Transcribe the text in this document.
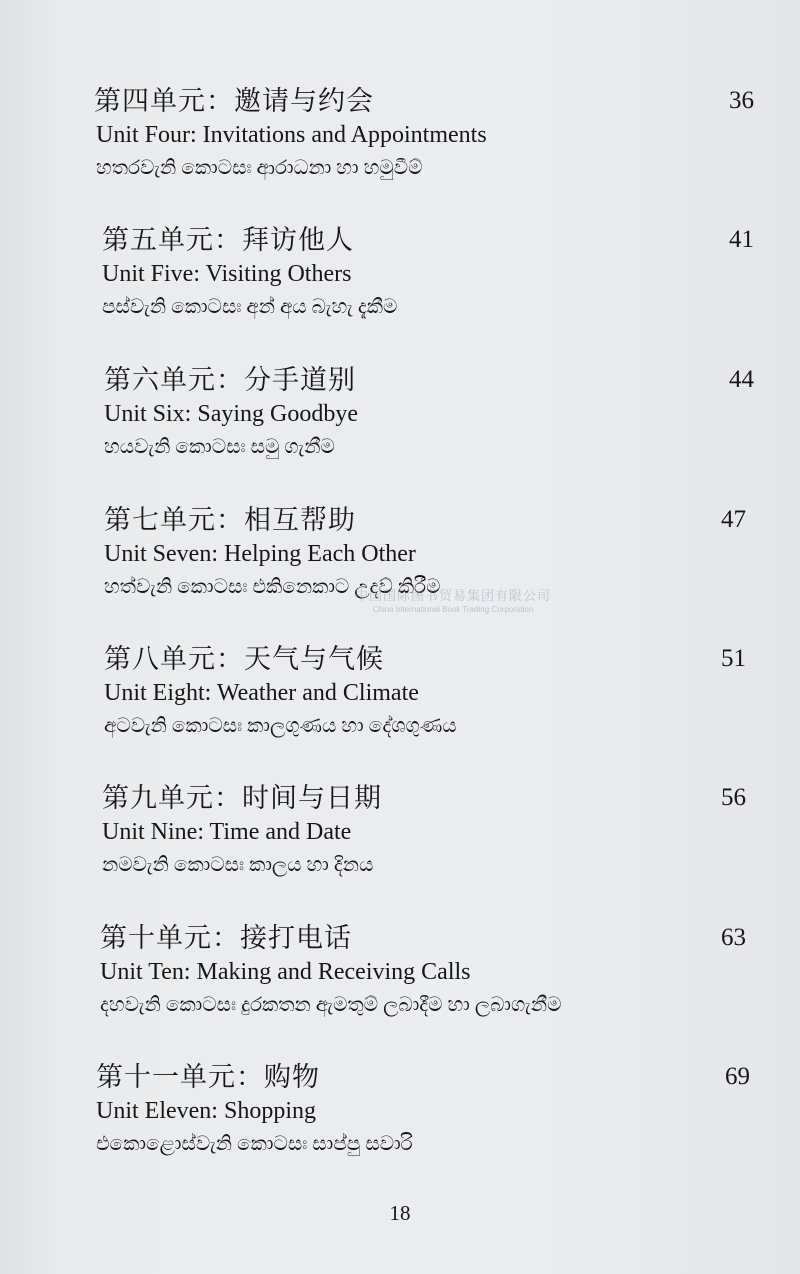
第四单元：邀请与约会	36
Unit Four: Invitations and Appointments
හතරවැනි කොටසඃ ආරාධනා හා හමුවීම්
第五单元：拜访他人	41
Unit Five: Visiting Others
පස්වැනි කොටසඃ අන් අය බැහැ දැකීම
第六单元：分手道别	44
Unit Six: Saying Goodbye
හයවැනි කොටසඃ සමු ගැනීම
第七单元：相互帮助	47
Unit Seven: Helping Each Other
හත්වැනි කොටසඃ එකිනෙකාට උදව් කිරීම
第八单元：天气与气候	51
Unit Eight: Weather and Climate
අටවැනි කොටසඃ කාලගුණය හා දේශගුණය
第九单元：时间与日期	56
Unit Nine: Time and Date
නමවැනි කොටසඃ කාලය හා දිනය
第十单元：接打电话	63
Unit Ten: Making and Receiving Calls
දහවැනි කොටසඃ දුරකතන ඇමතුම් ලබාදීම හා ලබාගැනීම
第十一单元：购物	69
Unit Eleven: Shopping
එකොළොස්වැනි කොටසඃ සාප්පු සවාරි
中国国际图书贸易集团有限公司
China International Book Trading Corporation
18
